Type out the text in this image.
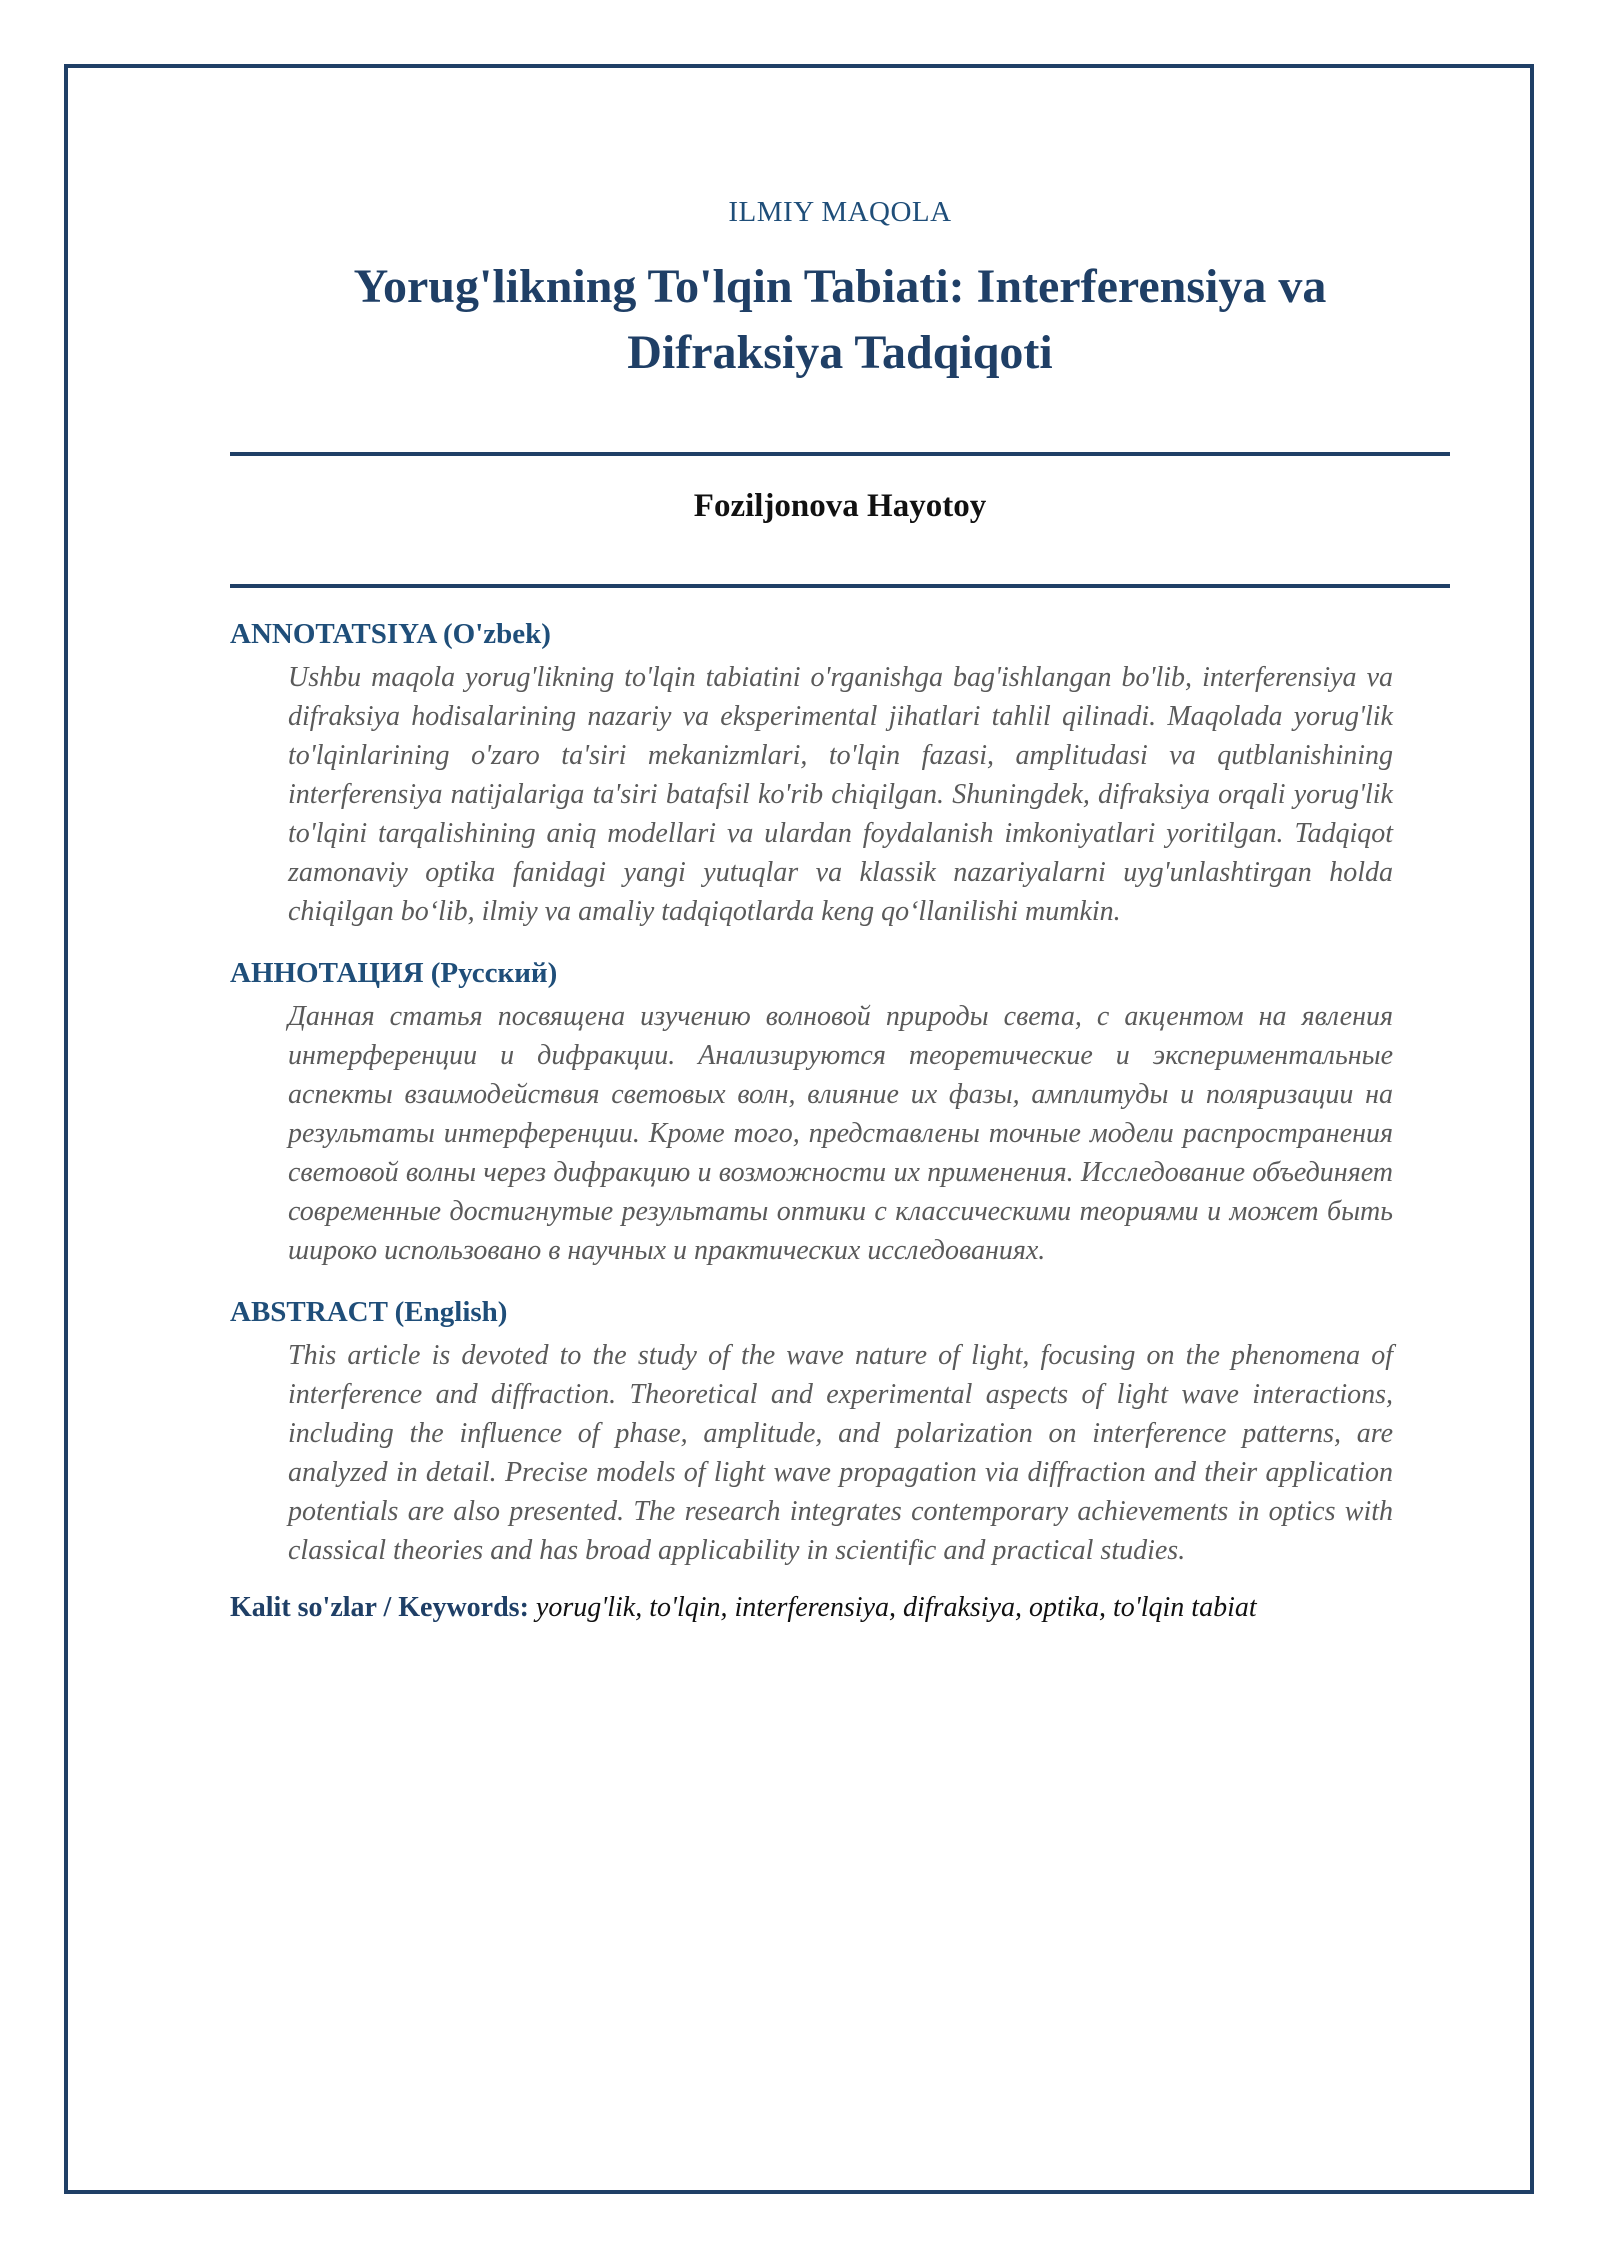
ILMIY MAQOLA
Yorug'likning To'lqin Tabiati: Interferensiya va
Difraksiya Tadqiqoti
Foziljonova Hayotoy
ANNOTATSIYA (O'zbek)
Ushbu maqola yorug'likning to'lqin tabiatini o'rganishga bag'ishlangan bo'lib, interferensiya va difraksiya hodisalarining nazariy va eksperimental jihatlari tahlil qilinadi. Maqolada yorug'lik to'lqinlarining o'zaro ta'siri mekanizmlari, to'lqin fazasi, amplitudasi va qutblanishining interferensiya natijalariga ta'siri batafsil ko'rib chiqilgan. Shuningdek, difraksiya orqali yorug'lik to'lqini tarqalishining aniq modellari va ulardan foydalanish imkoniyatlari yoritilgan. Tadqiqot zamonaviy optika fanidagi yangi yutuqlar va klassik nazariyalarni uyg'unlashtirgan holda chiqilgan bo‘lib, ilmiy va amaliy tadqiqotlarda keng qo‘llanilishi mumkin.
АННОТАЦИЯ (Русский)
Данная статья посвящена изучению волновой природы света, с акцентом на явления интерференции и дифракции. Анализируются теоретические и экспериментальные аспекты взаимодействия световых волн, влияние их фазы, амплитуды и поляризации на результаты интерференции. Кроме того, представлены точные модели распространения световой волны через дифракцию и возможности их применения. Исследование объединяет современные достигнутые результаты оптики с классическими теориями и может быть широко использовано в научных и практических исследованиях.
ABSTRACT (English)
This article is devoted to the study of the wave nature of light, focusing on the phenomena of interference and diffraction. Theoretical and experimental aspects of light wave interactions, including the influence of phase, amplitude, and polarization on interference patterns, are analyzed in detail. Precise models of light wave propagation via diffraction and their application potentials are also presented. The research integrates contemporary achievements in optics with classical theories and has broad applicability in scientific and practical studies.
Kalit so'zlar / Keywords: yorug'lik, to'lqin, interferensiya, difraksiya, optika, to'lqin tabiat
